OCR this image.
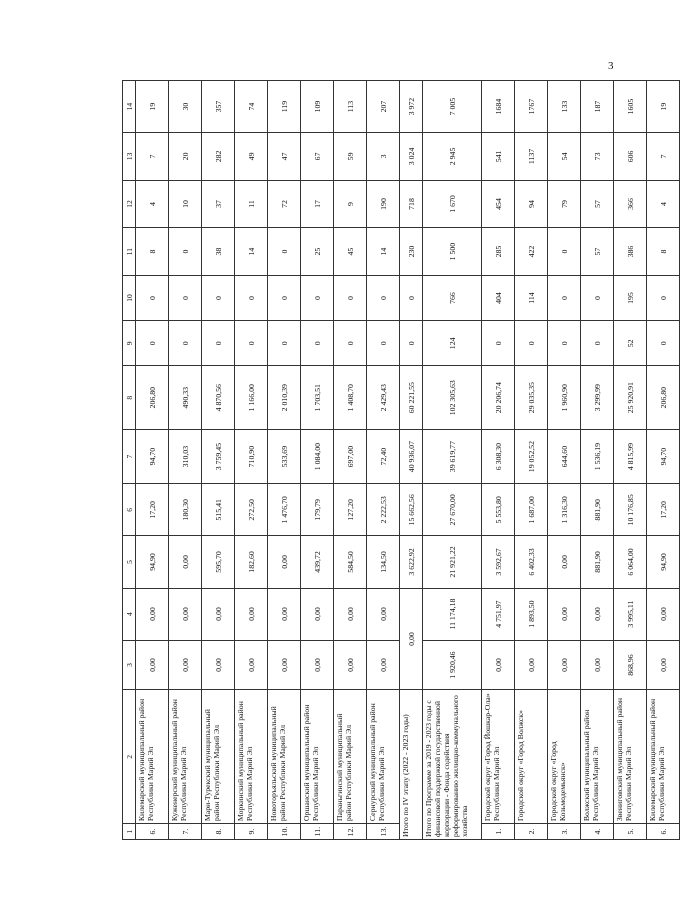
3
1	2	3	4	5	6	7	8	9	10	11	12	13	14
6.	Килемарский муниципальный район Республики Марий Эл	0,00	0,00	94,90	17,20	94,70	206,80	0	0	8	4	7	19
7.	Куженерский муниципальный район Республики Марий Эл	0,00	0,00	0,00	180,30	310,03	490,33	0	0	0	10	20	30
8.	Мари-Турекский муниципальный район Республики Марий Эл	0,00	0,00	595,70	515,41	3 759,45	4 870,56	0	0	38	37	282	357
9.	Моркинский муниципальный район Республики Марий Эл	0,00	0,00	182,60	272,50	710,90	1 166,00	0	0	14	11	49	74
10.	Новоторъяльский муниципальный район Республики Марий Эл	0,00	0,00	0,00	1 476,70	533,69	2 010,39	0	0	0	72	47	119
11.	Оршанский муниципальный район Республики Марий Эл	0,00	0,00	439,72	179,79	1 084,00	1 703,51	0	0	25	17	67	109
12.	Параньгинский муниципальный район Республики Марий Эл	0,00	0,00	584,50	127,20	697,00	1 408,70	0	0	45	9	59	113
13.	Сернурский муниципальный район Республики Марий Эл	0,00	0,00	134,50	2 222,53	72,40	2 429,43	0	0	14	190	3	207
Итого по IV этапу (2022 - 2023 годы)		0,00		3 622,92	15 662,56	40 936,07	60 221,55	0	0	230	718	3 024	3 972
Итого по Программе за 2019 - 2023 годы с финансовой поддержкой государственной корпорации - Фонда содействия реформированию жилищно-коммунального хозяйства		1 920,46	11 174,18	21 921,22	27 670,00	39 619,77	102 305,63	124	766	1 500	1 670	2 945	7 005
1.	Городской округ «Город Йошкар-Ола» Республики Марий Эл	0,00	4 751,97	3 592,67	5 553,80	6 308,30	20 206,74	0	404	285	454	541	1684
2.	Городской округ «Город Волжск»	0,00	1 893,50	6 402,33	1 687,00	19 052,52	29 035,35	0	114	422	94	1137	1767
3.	Городской округ «Город Козьмодемьянск»	0,00	0,00	0,00	1 316,30	644,60	1 960,90	0	0	0	79	54	133
4.	Волжский муниципальный район Республики Марий Эл	0,00	0,00	881,90	881,90	1 536,19	3 299,99	0	0	57	57	73	187
5.	Звениговский муниципальный район Республики Марий Эл	868,96	3 995,11	6 064,00	10 176,85	4 815,99	25 920,91	52	195	386	366	606	1605
6.	Килемарский муниципальный район Республики Марий Эл	0,00	0,00	94,90	17,20	94,70	206,80	0	0	8	4	7	19
